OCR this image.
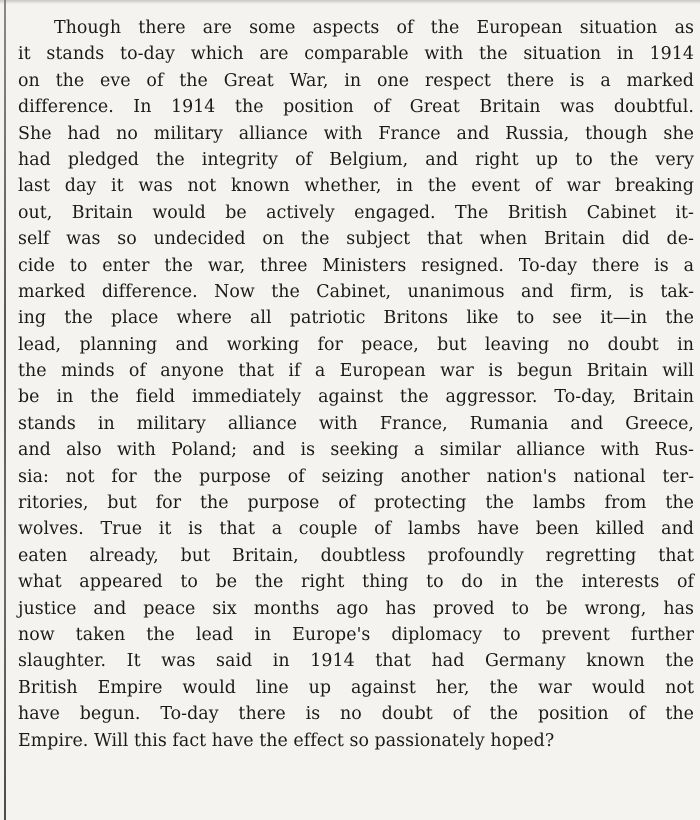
Though there are some aspects of the European situation as
it stands to-day which are comparable with the situation in 1914
on the eve of the Great War, in one respect there is a marked
difference. In 1914 the position of Great Britain was doubtful.
She had no military alliance with France and Russia, though she
had pledged the integrity of Belgium, and right up to the very
last day it was not known whether, in the event of war breaking
out, Britain would be actively engaged. The British Cabinet it-
self was so undecided on the subject that when Britain did de-
cide to enter the war, three Ministers resigned. To-day there is a
marked difference. Now the Cabinet, unanimous and firm, is tak-
ing the place where all patriotic Britons like to see it—in the
lead, planning and working for peace, but leaving no doubt in
the minds of anyone that if a European war is begun Britain will
be in the field immediately against the aggressor. To-day, Britain
stands in military alliance with France, Rumania and Greece,
and also with Poland; and is seeking a similar alliance with Rus-
sia: not for the purpose of seizing another nation's national ter-
ritories, but for the purpose of protecting the lambs from the
wolves. True it is that a couple of lambs have been killed and
eaten already, but Britain, doubtless profoundly regretting that
what appeared to be the right thing to do in the interests of
justice and peace six months ago has proved to be wrong, has
now taken the lead in Europe's diplomacy to prevent further
slaughter. It was said in 1914 that had Germany known the
British Empire would line up against her, the war would not
have begun. To-day there is no doubt of the position of the
Empire. Will this fact have the effect so passionately hoped?
